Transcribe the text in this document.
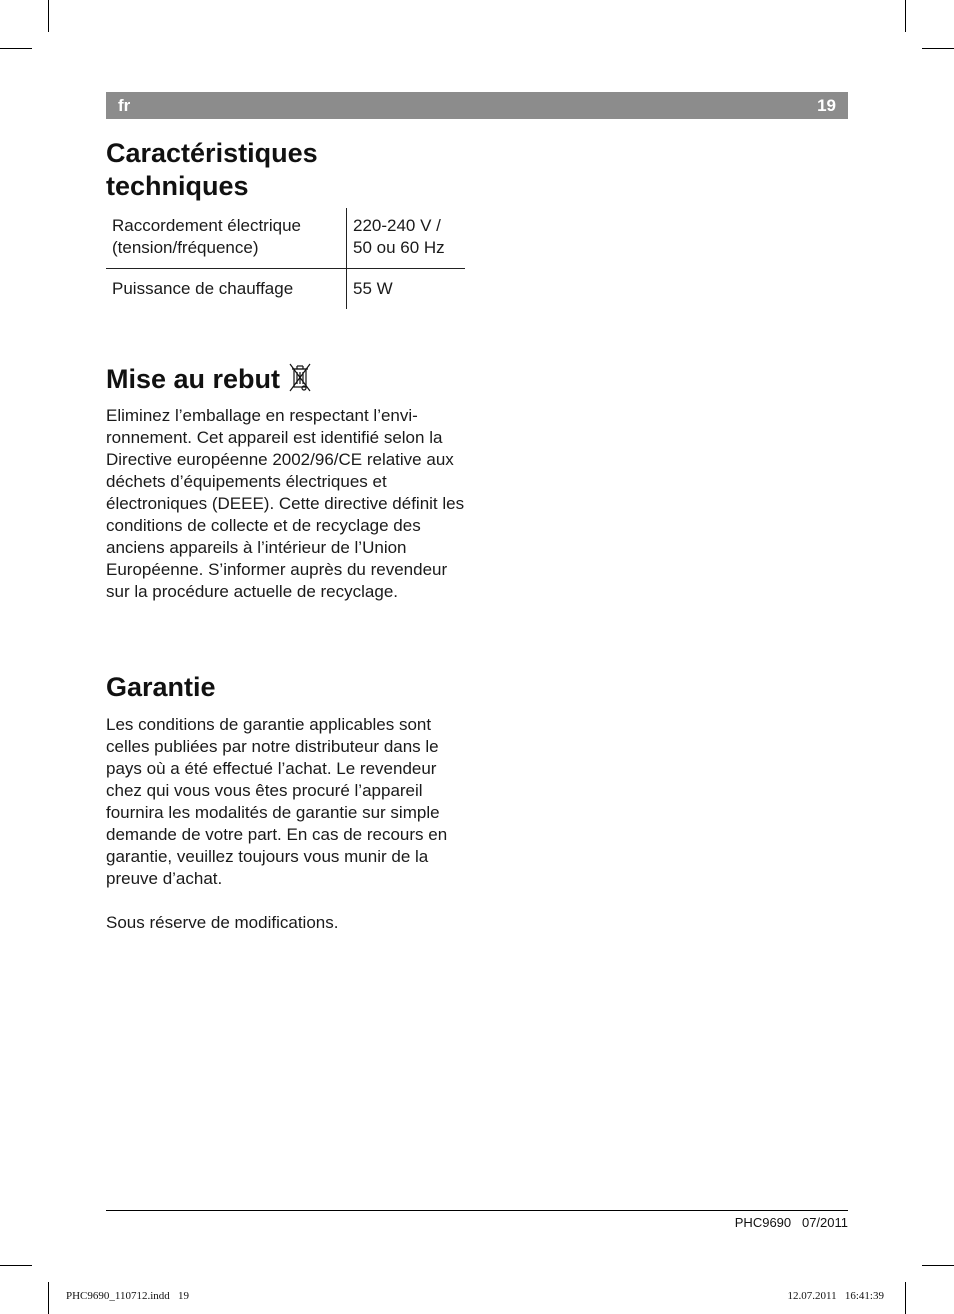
fr	19
Caractéristiques techniques
Raccordement électrique (tension/fréquence)	220-240 V / 50 ou 60 Hz
Puissance de chauffage	55 W
Mise au rebut

Eliminez l’emballage en respectant l’environnement. Cet appareil est identifié selon la Directive européenne 2002/96/CE relative aux déchets d’équipements électriques et électroniques (DEEE). Cette directive définit les conditions de collecte et de recyclage des anciens appareils à l’intérieur de l’Union Européenne. S’informer auprès du revendeur sur la procédure actuelle de recyclage.

Garantie

Les conditions de garantie applicables sont celles publiées par notre distributeur dans le pays où a été effectué l’achat. Le revendeur chez qui vous vous êtes procuré l’appareil fournira les modalités de garantie sur simple demande de votre part. En cas de recours en garantie, veuillez toujours vous munir de la preuve d’achat.

Sous réserve de modifications.

PHC9690   07/2011
PHC9690_110712.indd   19	12.07.2011   16:41:39
